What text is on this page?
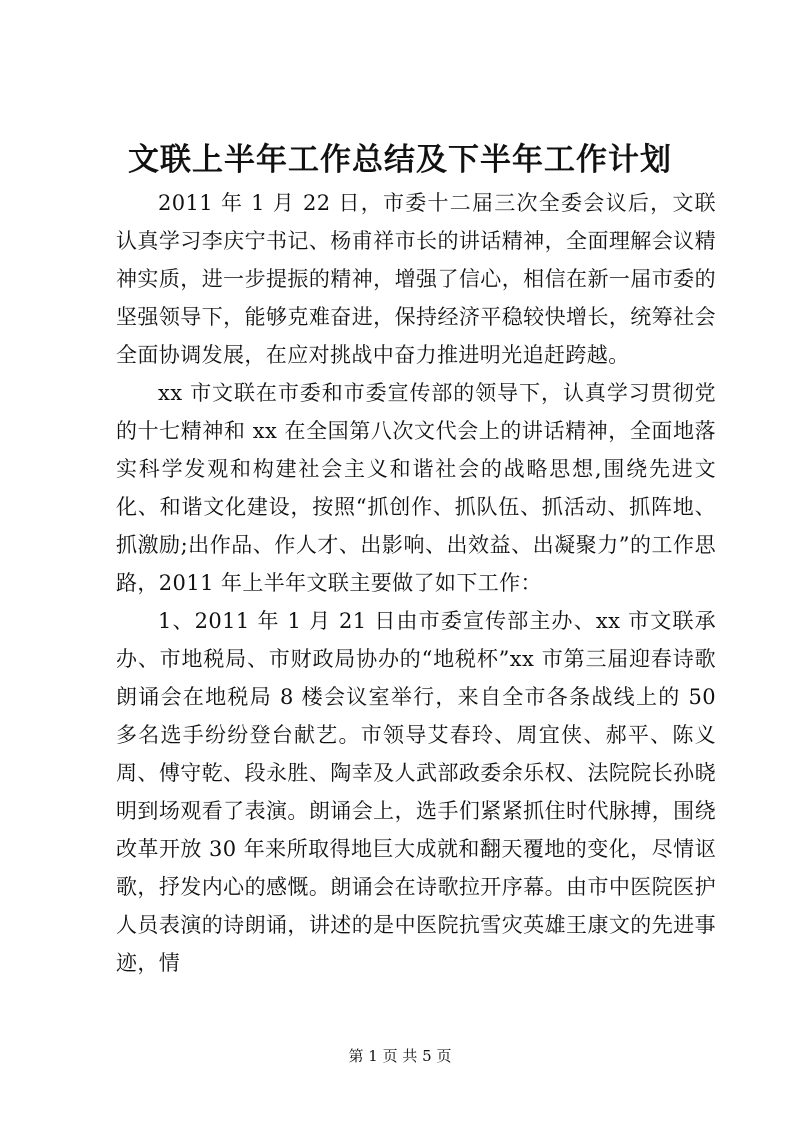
文联上半年工作总结及下半年工作计划

2011 年 1 月 22 日，市委十二届三次全委会议后，文联认真学习李庆宁书记、杨甫祥市长的讲话精神，全面理解会议精神实质，进一步提振的精神，增强了信心，相信在新一届市委的坚强领导下，能够克难奋进，保持经济平稳较快增长，统筹社会全面协调发展，在应对挑战中奋力推进明光追赶跨越。

xx 市文联在市委和市委宣传部的领导下，认真学习贯彻党的十七精神和 xx 在全国第八次文代会上的讲话精神，全面地落实科学发观和构建社会主义和谐社会的战略思想,围绕先进文化、和谐文化建设，按照“抓创作、抓队伍、抓活动、抓阵地、抓激励;出作品、作人才、出影响、出效益、出凝聚力”的工作思路，2011 年上半年文联主要做了如下工作：

1、2011 年 1 月 21 日由市委宣传部主办、xx 市文联承办、市地税局、市财政局协办的“地税杯”xx 市第三届迎春诗歌朗诵会在地税局 8 楼会议室举行，来自全市各条战线上的 50 多名选手纷纷登台献艺。市领导艾春玲、周宜侠、郝平、陈义周、傅守乾、段永胜、陶幸及人武部政委余乐权、法院院长孙晓明到场观看了表演。朗诵会上，选手们紧紧抓住时代脉搏，围绕改革开放 30 年来所取得地巨大成就和翻天覆地的变化，尽情讴歌，抒发内心的感慨。朗诵会在诗歌拉开序幕。由市中医院医护人员表演的诗朗诵，讲述的是中医院抗雪灾英雄王康文的先进事迹，情

第 1 页 共 5 页
